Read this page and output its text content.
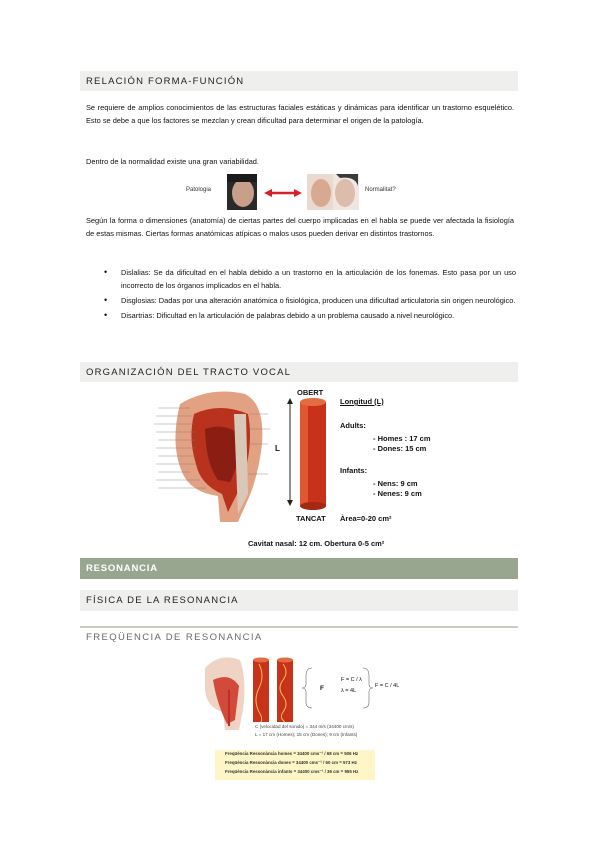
RELACIÓN FORMA-FUNCIÓN
Se requiere de amplios conocimientos de las estructuras faciales estáticas y dinámicas para identificar un trastorno esquelético. Esto se debe a que los factores se mezclan y crean dificultad para determinar el origen de la patología.
Dentro de la normalidad existe una gran variabilidad.
Patologia	Normalitat?
Según la forma o dimensiones (anatomía) de ciertas partes del cuerpo implicadas en el habla se puede ver afectada la fisiología de estas mismas. Ciertas formas anatómicas atípicas o malos usos pueden derivar en distintos trastornos.
• Dislalias: Se da dificultad en el habla debido a un trastorno en la articulación de los fonemas. Esto pasa por un uso incorrecto de los órganos implicados en el habla.
• Disglosias: Dadas por una alteración anatómica o fisiológica, producen una dificultad articulatoria sin origen neurológico.
• Disartrias: Dificultad en la articulación de palabras debido a un problema causado a nivel neurológico.
ORGANIZACIÓN DEL TRACTO VOCAL
OBERT
L
TANCAT Àrea=0-20 cm²
Longitud (L)
Adults:
- Homes : 17 cm
- Dones: 15 cm
Infants:
- Nens: 9 cm
- Nenes: 9 cm
Cavitat nasal: 12 cm. Obertura 0-5 cm²
RESONANCIA
FÍSICA DE LA RESONANCIA
FREQÜENCIA DE RESONANCIA
F
F = C / λ
λ = 4L
F = C / 4L
C (velocidad del sonido) = 344 m/s (34400 cm/s)
L = 17 cm (Homes); 15 cm (Dones); 9 cm (Infants)
Freqüència Ressonància homes = 34400 cms⁻¹ / 68 cm = 506 Hz
Freqüència Ressonància dones = 34400 cms⁻¹ / 60 cm = 573 Hz
Freqüència Ressonància infants = 34400 cms⁻¹ / 36 cm = 955 Hz
